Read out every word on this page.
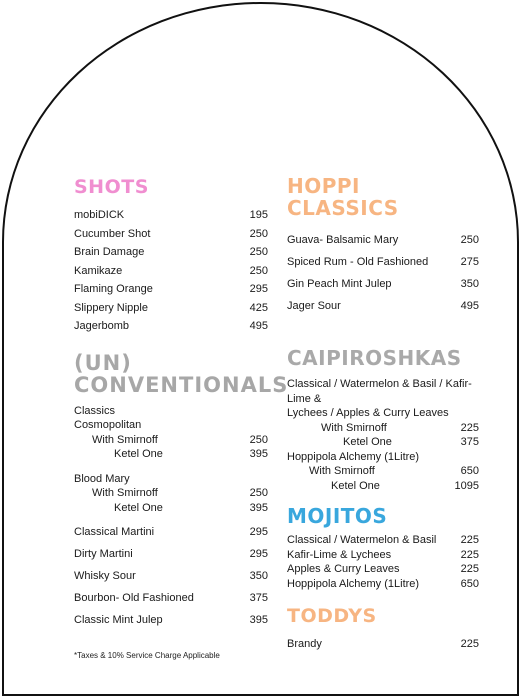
SHOTS
mobiDICK	195
Cucumber Shot	250
Brain Damage	250
Kamikaze	250
Flaming Orange	295
Slippery Nipple	425
Jagerbomb	495
(UN)
CONVENTIONALS
Classics
Cosmopolitan
With Smirnoff	250
Ketel One	395
Blood Mary
With Smirnoff	250
Ketel One	395
Classical Martini	295
Dirty Martini	295
Whisky Sour	350
Bourbon- Old Fashioned	375
Classic Mint Julep	395
HOPPI CLASSICS
Guava- Balsamic Mary	250
Spiced Rum - Old Fashioned	275
Gin Peach Mint Julep	350
Jager Sour	495
CAIPIROSHKAS
Classical / Watermelon & Basil / Kafir-Lime &
Lychees / Apples & Curry Leaves
With Smirnoff	225
Ketel One	375
Hoppipola Alchemy (1Litre)
With Smirnoff	650
Ketel One	1095
MOJITOS
Classical / Watermelon & Basil 225
Kafir-Lime & Lychees	225
Apples & Curry Leaves	225
Hoppipola Alchemy (1Litre)	650
TODDYS
Brandy	225
*Taxes & 10% Service Charge Applicable
